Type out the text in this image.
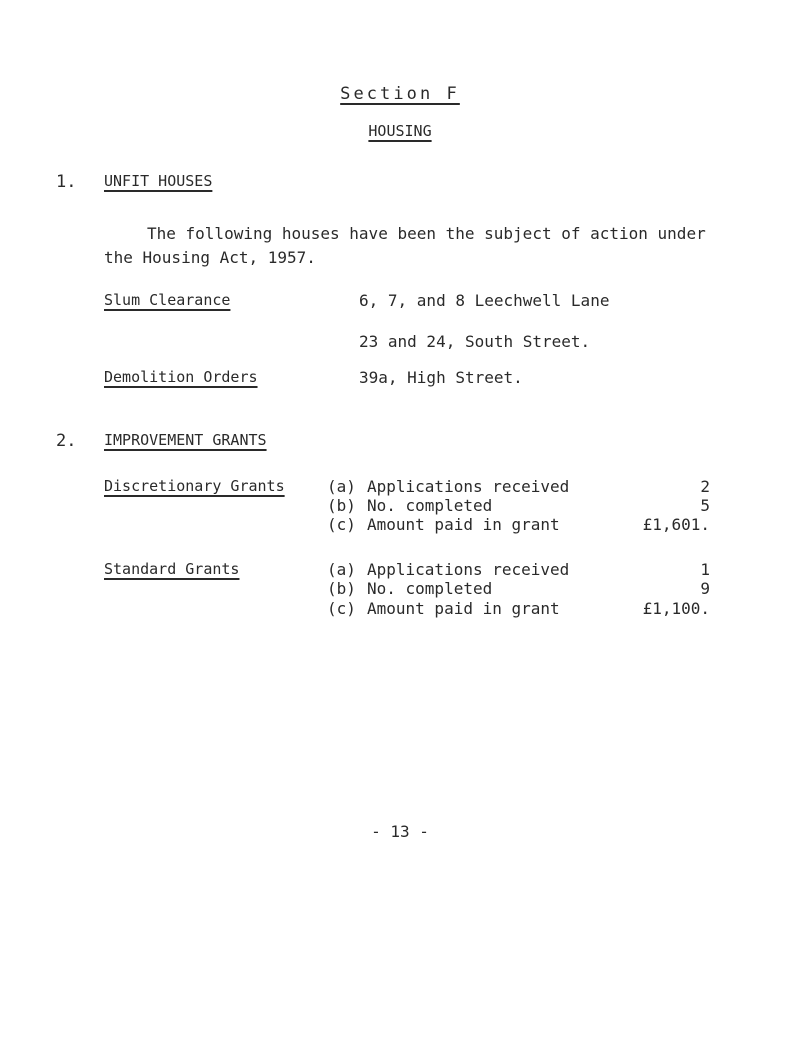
Section F
HOUSING
1. UNFIT HOUSES
The following houses have been the subject of action under
the Housing Act, 1957.
Slum Clearance	6, 7, and 8 Leechwell Lane
23 and 24, South Street.
Demolition Orders	39a, High Street.
2. IMPROVEMENT GRANTS
Discretionary Grants	(a) Applications received	2
(b) No. completed	5
(c) Amount paid in grant	£1,601.
Standard Grants	(a) Applications received	1
(b) No. completed	9
(c) Amount paid in grant	£1,100.
- 13 -
